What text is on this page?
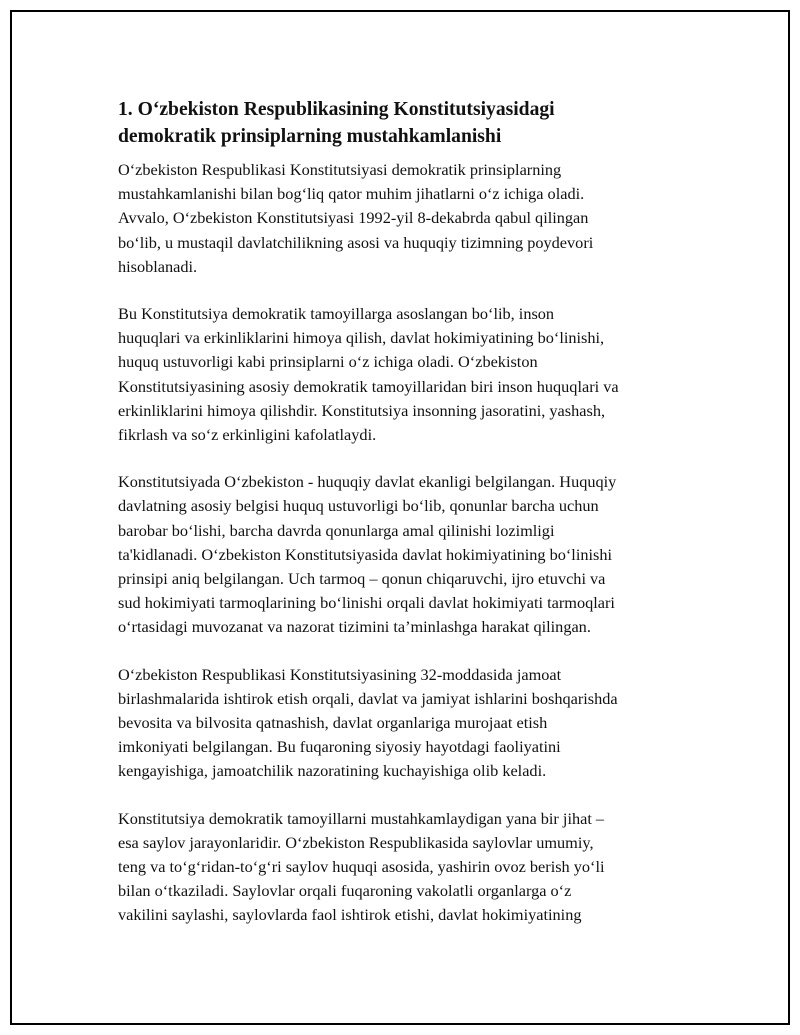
1. O‘zbekiston Respublikasining Konstitutsiyasidagi
demokratik prinsiplarning mustahkamlanishi

O‘zbekiston Respublikasi Konstitutsiyasi demokratik prinsiplarning
mustahkamlanishi bilan bog‘liq qator muhim jihatlarni o‘z ichiga oladi.
Avvalo, O‘zbekiston Konstitutsiyasi 1992-yil 8-dekabrda qabul qilingan
bo‘lib, u mustaqil davlatchilikning asosi va huquqiy tizimning poydevori
hisoblanadi.

Bu Konstitutsiya demokratik tamoyillarga asoslangan bo‘lib, inson
huquqlari va erkinliklarini himoya qilish, davlat hokimiyatining bo‘linishi,
huquq ustuvorligi kabi prinsiplarni o‘z ichiga oladi. O‘zbekiston
Konstitutsiyasining asosiy demokratik tamoyillaridan biri inson huquqlari va
erkinliklarini himoya qilishdir. Konstitutsiya insonning jasoratini, yashash,
fikrlash va so‘z erkinligini kafolatlaydi.

Konstitutsiyada O‘zbekiston - huquqiy davlat ekanligi belgilangan. Huquqiy
davlatning asosiy belgisi huquq ustuvorligi bo‘lib, qonunlar barcha uchun
barobar bo‘lishi, barcha davrda qonunlarga amal qilinishi lozimligi
ta'kidlanadi. O‘zbekiston Konstitutsiyasida davlat hokimiyatining bo‘linishi
prinsipi aniq belgilangan. Uch tarmoq – qonun chiqaruvchi, ijro etuvchi va
sud hokimiyati tarmoqlarining bo‘linishi orqali davlat hokimiyati tarmoqlari
o‘rtasidagi muvozanat va nazorat tizimini ta’minlashga harakat qilingan.

O‘zbekiston Respublikasi Konstitutsiyasining 32-moddasida jamoat
birlashmalarida ishtirok etish orqali, davlat va jamiyat ishlarini boshqarishda
bevosita va bilvosita qatnashish, davlat organlariga murojaat etish
imkoniyati belgilangan. Bu fuqaroning siyosiy hayotdagi faoliyatini
kengayishiga, jamoatchilik nazoratining kuchayishiga olib keladi.

Konstitutsiya demokratik tamoyillarni mustahkamlaydigan yana bir jihat –
esa saylov jarayonlaridir. O‘zbekiston Respublikasida saylovlar umumiy,
teng va to‘g‘ridan-to‘g‘ri saylov huquqi asosida, yashirin ovoz berish yo‘li
bilan o‘tkaziladi. Saylovlar orqali fuqaroning vakolatli organlarga o‘z
vakilini saylashi, saylovlarda faol ishtirok etishi, davlat hokimiyatining
